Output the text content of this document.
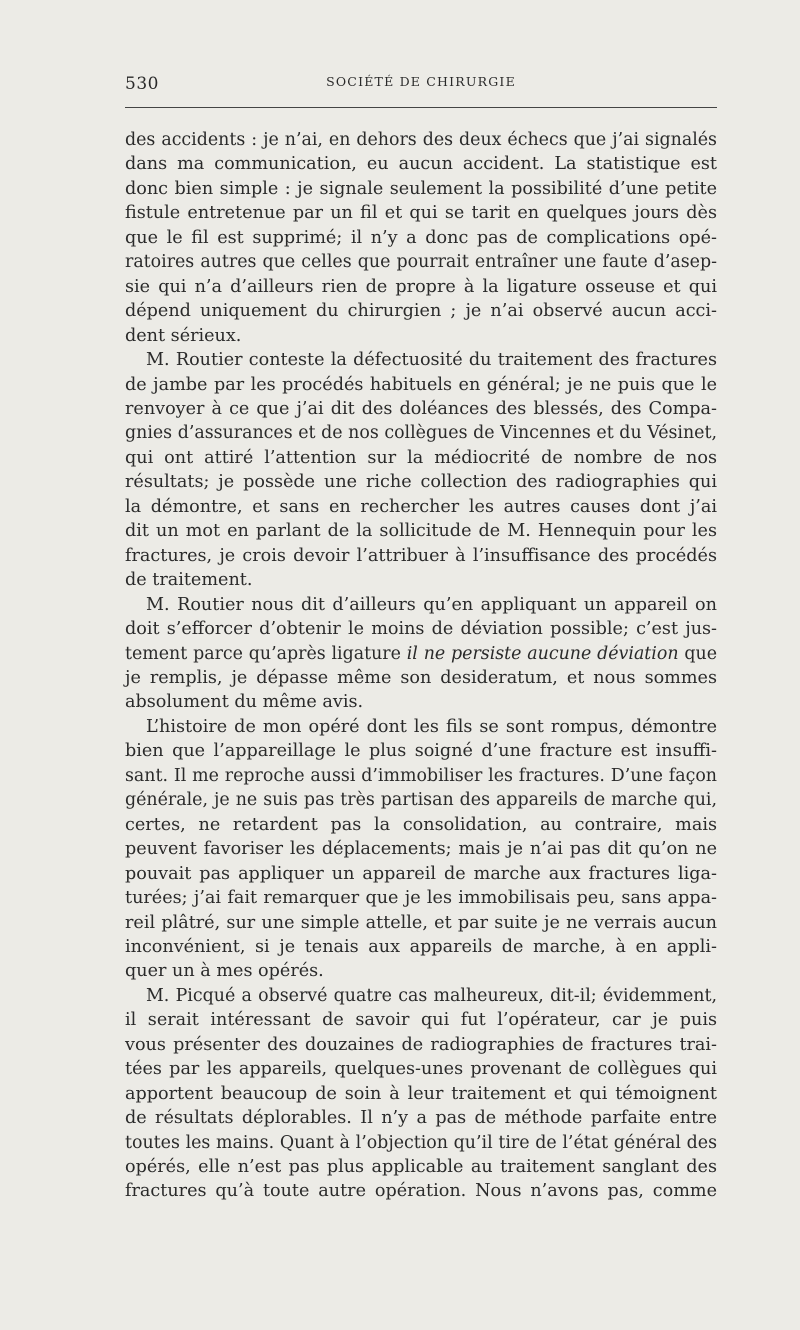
530	SOCIÉTÉ DE CHIRURGIE
des accidents : je n’ai, en dehors des deux échecs que j’ai signalés
dans ma communication, eu aucun accident. La statistique est
donc bien simple : je signale seulement la possibilité d’une petite
fistule entretenue par un fil et qui se tarit en quelques jours dès
que le fil est supprimé; il n’y a donc pas de complications opé-
ratoires autres que celles que pourrait entraîner une faute d’asep-
sie qui n’a d’ailleurs rien de propre à la ligature osseuse et qui
dépend uniquement du chirurgien ; je n’ai observé aucun acci-
dent sérieux.
M. Routier conteste la défectuosité du traitement des fractures
de jambe par les procédés habituels en général; je ne puis que le
renvoyer à ce que j’ai dit des doléances des blessés, des Compa-
gnies d’assurances et de nos collègues de Vincennes et du Vésinet,
qui ont attiré l’attention sur la médiocrité de nombre de nos
résultats; je possède une riche collection des radiographies qui
la démontre, et sans en rechercher les autres causes dont j’ai
dit un mot en parlant de la sollicitude de M. Hennequin pour les
fractures, je crois devoir l’attribuer à l’insuffisance des procédés
de traitement.
M. Routier nous dit d’ailleurs qu’en appliquant un appareil on
doit s’efforcer d’obtenir le moins de déviation possible; c’est jus-
tement parce qu’après ligature il ne persiste aucune déviation que
je remplis, je dépasse même son desideratum, et nous sommes
absolument du même avis.
L’histoire de mon opéré dont les fils se sont rompus, démontre
bien que l’appareillage le plus soigné d’une fracture est insuffi-
sant. Il me reproche aussi d’immobiliser les fractures. D’une façon
générale, je ne suis pas très partisan des appareils de marche qui,
certes, ne retardent pas la consolidation, au contraire, mais
peuvent favoriser les déplacements; mais je n’ai pas dit qu’on ne
pouvait pas appliquer un appareil de marche aux fractures liga-
turées; j’ai fait remarquer que je les immobilisais peu, sans appa-
reil plâtré, sur une simple attelle, et par suite je ne verrais aucun
inconvénient, si je tenais aux appareils de marche, à en appli-
quer un à mes opérés.
M. Picqué a observé quatre cas malheureux, dit-il; évidemment,
il serait intéressant de savoir qui fut l’opérateur, car je puis
vous présenter des douzaines de radiographies de fractures trai-
tées par les appareils, quelques-unes provenant de collègues qui
apportent beaucoup de soin à leur traitement et qui témoignent
de résultats déplorables. Il n’y a pas de méthode parfaite entre
toutes les mains. Quant à l’objection qu’il tire de l’état général des
opérés, elle n’est pas plus applicable au traitement sanglant des
fractures qu’à toute autre opération. Nous n’avons pas, comme
